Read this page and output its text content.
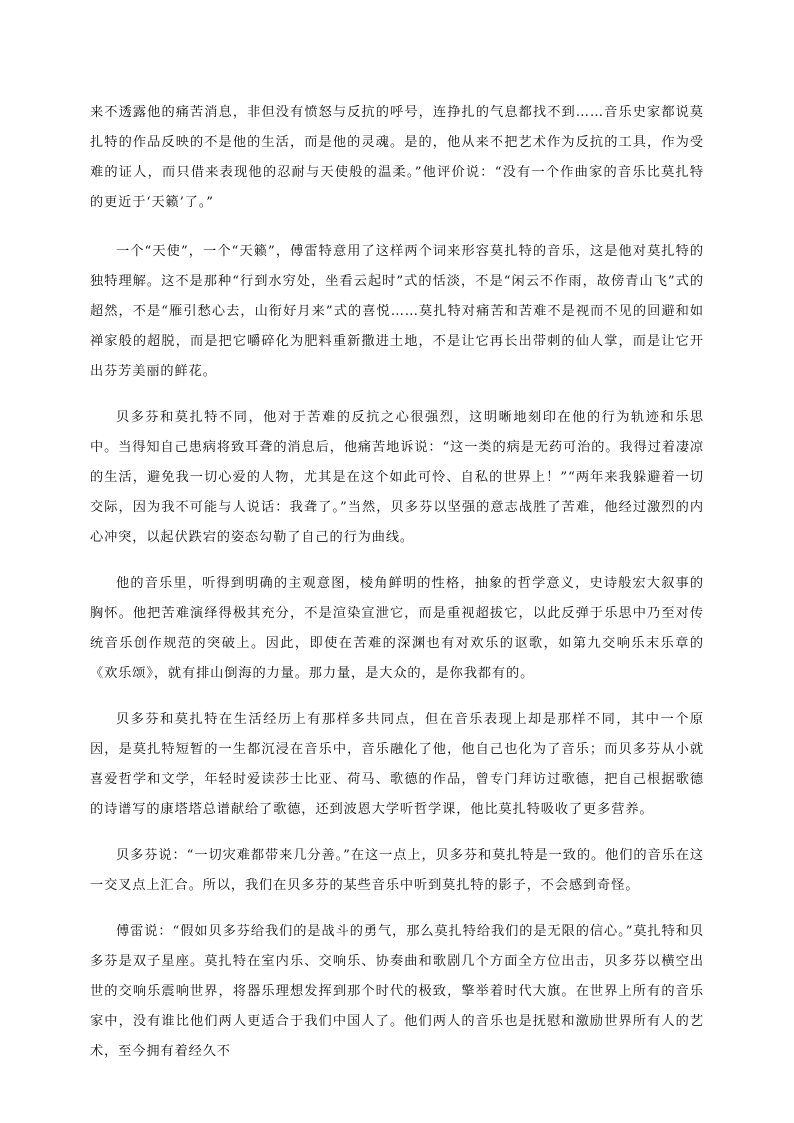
来不透露他的痛苦消息，非但没有愤怒与反抗的呼号，连挣扎的气息都找不到……音乐史家都说莫扎特的作品反映的不是他的生活，而是他的灵魂。是的，他从来不把艺术作为反抗的工具，作为受难的证人，而只借来表现他的忍耐与天使般的温柔。”他评价说：“没有一个作曲家的音乐比莫扎特的更近于‘天籁’了。”

一个“天使”，一个“天籁”，傅雷特意用了这样两个词来形容莫扎特的音乐，这是他对莫扎特的独特理解。这不是那种“行到水穷处，坐看云起时”式的恬淡，不是“闲云不作雨，故傍青山飞”式的超然，不是“雁引愁心去，山衔好月来”式的喜悦……莫扎特对痛苦和苦难不是视而不见的回避和如禅家般的超脱，而是把它嚼碎化为肥料重新撒进土地，不是让它再长出带刺的仙人掌，而是让它开出芬芳美丽的鲜花。

贝多芬和莫扎特不同，他对于苦难的反抗之心很强烈，这明晰地刻印在他的行为轨迹和乐思中。当得知自己患病将致耳聋的消息后，他痛苦地诉说：“这一类的病是无药可治的。我得过着凄凉的生活，避免我一切心爱的人物，尤其是在这个如此可怜、自私的世界上！”“两年来我躲避着一切交际，因为我不可能与人说话：我聋了。”当然，贝多芬以坚强的意志战胜了苦难，他经过激烈的内心冲突，以起伏跌宕的姿态勾勒了自己的行为曲线。

他的音乐里，听得到明确的主观意图，棱角鲜明的性格，抽象的哲学意义，史诗般宏大叙事的胸怀。他把苦难演绎得极其充分，不是渲染宣泄它，而是重视超拔它，以此反弹于乐思中乃至对传统音乐创作规范的突破上。因此，即使在苦难的深渊也有对欢乐的讴歌，如第九交响乐末乐章的《欢乐颂》，就有排山倒海的力量。那力量，是大众的，是你我都有的。

贝多芬和莫扎特在生活经历上有那样多共同点，但在音乐表现上却是那样不同，其中一个原因，是莫扎特短暂的一生都沉浸在音乐中，音乐融化了他，他自己也化为了音乐；而贝多芬从小就喜爱哲学和文学，年轻时爱读莎士比亚、荷马、歌德的作品，曾专门拜访过歌德，把自己根据歌德的诗谱写的康塔塔总谱献给了歌德，还到波恩大学听哲学课，他比莫扎特吸收了更多营养。

贝多芬说：“一切灾难都带来几分善。”在这一点上，贝多芬和莫扎特是一致的。他们的音乐在这一交叉点上汇合。所以，我们在贝多芬的某些音乐中听到莫扎特的影子，不会感到奇怪。

傅雷说：“假如贝多芬给我们的是战斗的勇气，那么莫扎特给我们的是无限的信心。”莫扎特和贝多芬是双子星座。莫扎特在室内乐、交响乐、协奏曲和歌剧几个方面全方位出击，贝多芬以横空出世的交响乐震响世界，将器乐理想发挥到那个时代的极致，擎举着时代大旗。在世界上所有的音乐家中，没有谁比他们两人更适合于我们中国人了。他们两人的音乐也是抚慰和激励世界所有人的艺术，至今拥有着经久不
